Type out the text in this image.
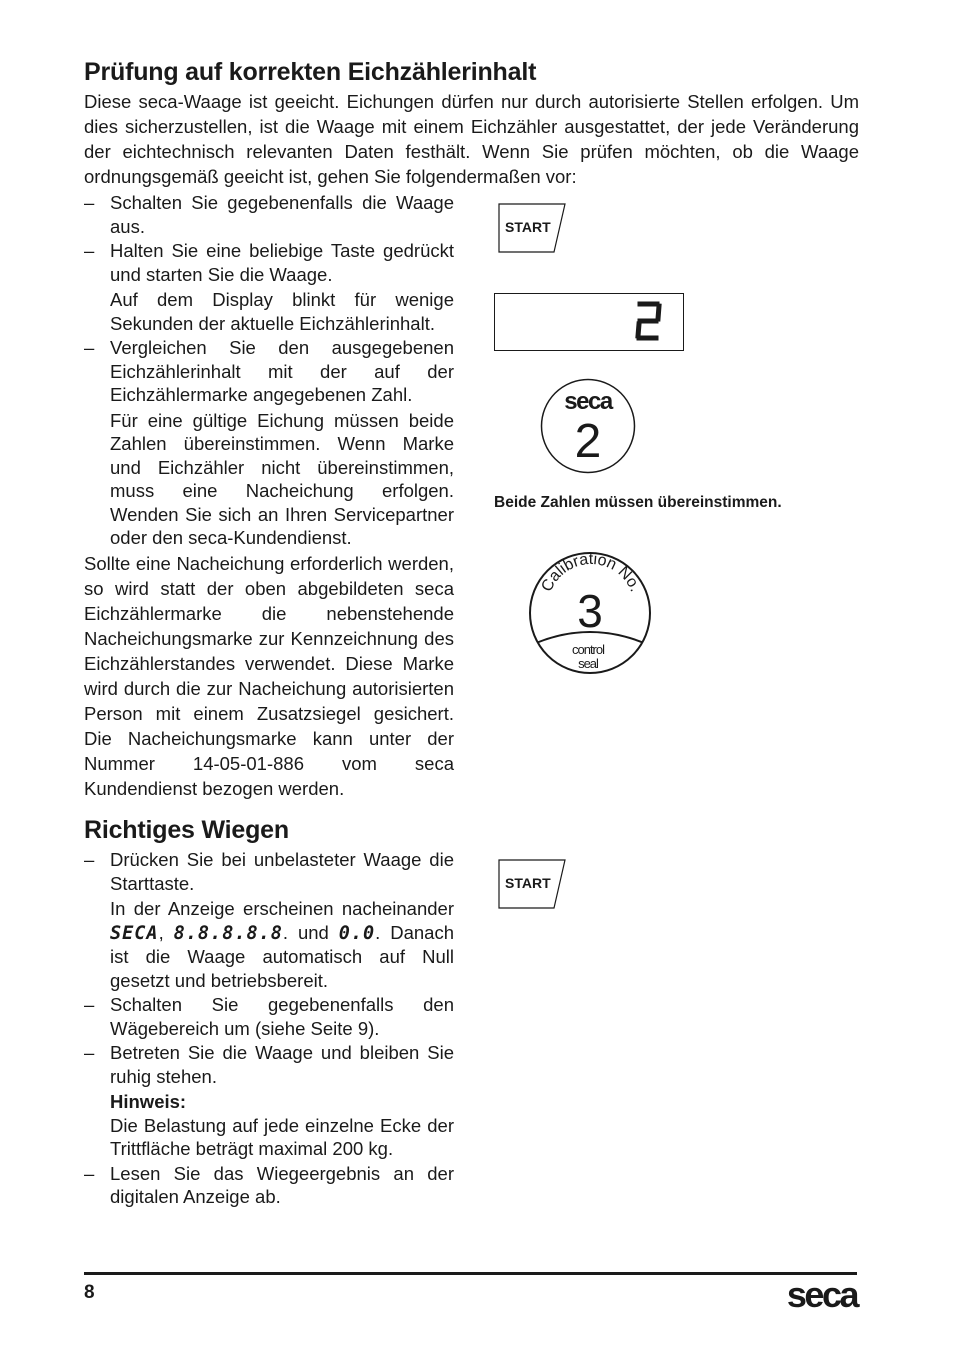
Prüfung auf korrekten Eichzählerinhalt
Diese seca-Waage ist geeicht. Eichungen dürfen nur durch autorisierte Stellen erfolgen. Um dies sicherzustellen, ist die Waage mit einem Eichzähler ausgestattet, der jede Veränderung der eichtechnisch relevanten Daten festhält. Wenn Sie prüfen möchten, ob die Waage ordnungsgemäß geeicht ist, gehen Sie folgendermaßen vor:
– Schalten Sie gegebenenfalls die Waage aus.
– Halten Sie eine beliebige Taste gedrückt und starten Sie die Waage.
Auf dem Display blinkt für wenige Sekunden der aktuelle Eichzählerinhalt.
– Vergleichen Sie den ausgegebenen Eichzählerinhalt mit der auf der Eichzählermarke angegebenen Zahl.
Für eine gültige Eichung müssen beide Zahlen übereinstimmen. Wenn Marke und Eichzähler nicht übereinstimmen, muss eine Nacheichung erfolgen. Wenden Sie sich an Ihren Servicepartner oder den seca-Kundendienst.
Sollte eine Nacheichung erforderlich werden, so wird statt der oben abgebildeten seca Eichzählermarke die nebenstehende Nacheichungsmarke zur Kennzeichnung des Eichzählerstandes verwendet. Diese Marke wird durch die zur Nacheichung autorisierten Person mit einem Zusatzsiegel gesichert. Die Nacheichungsmarke kann unter der Nummer 14-05-01-886 vom seca Kundendienst bezogen werden.
START
2
seca
2
Beide Zahlen müssen übereinstimmen.
Calibration No.
3
control
seal
Richtiges Wiegen
– Drücken Sie bei unbelasteter Waage die Starttaste.
In der Anzeige erscheinen nacheinander SECA, 8.8.8.8.8. und 0.0. Danach ist die Waage automatisch auf Null gesetzt und betriebsbereit.
– Schalten Sie gegebenenfalls den Wägebereich um (siehe Seite 9).
– Betreten Sie die Waage und bleiben Sie ruhig stehen.
Hinweis:
Die Belastung auf jede einzelne Ecke der Trittfläche beträgt maximal 200 kg.
– Lesen Sie das Wiegeergebnis an der digitalen Anzeige ab.
START
8	seca
